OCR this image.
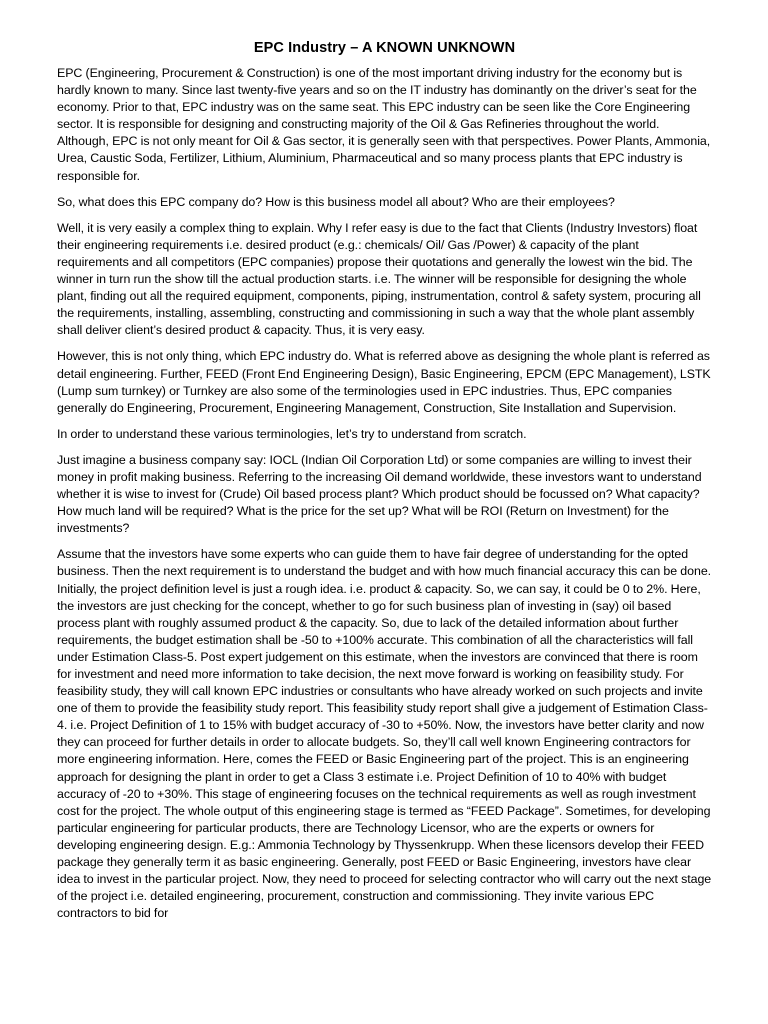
EPC Industry – A KNOWN UNKNOWN

EPC (Engineering, Procurement & Construction) is one of the most important driving industry for the economy but is hardly known to many. Since last twenty-five years and so on the IT industry has dominantly on the driver’s seat for the economy. Prior to that, EPC industry was on the same seat. This EPC industry can be seen like the Core Engineering sector. It is responsible for designing and constructing majority of the Oil & Gas Refineries throughout the world. Although, EPC is not only meant for Oil & Gas sector, it is generally seen with that perspectives. Power Plants, Ammonia, Urea, Caustic Soda, Fertilizer, Lithium, Aluminium, Pharmaceutical and so many process plants that EPC industry is responsible for.

So, what does this EPC company do? How is this business model all about? Who are their employees?

Well, it is very easily a complex thing to explain. Why I refer easy is due to the fact that Clients (Industry Investors) float their engineering requirements i.e. desired product (e.g.: chemicals/ Oil/ Gas /Power) & capacity of the plant requirements and all competitors (EPC companies) propose their quotations and generally the lowest win the bid. The winner in turn run the show till the actual production starts. i.e. The winner will be responsible for designing the whole plant, finding out all the required equipment, components, piping, instrumentation, control & safety system, procuring all the requirements, installing, assembling, constructing and commissioning in such a way that the whole plant assembly shall deliver client’s desired product & capacity. Thus, it is very easy.

However, this is not only thing, which EPC industry do. What is referred above as designing the whole plant is referred as detail engineering. Further, FEED (Front End Engineering Design), Basic Engineering, EPCM (EPC Management), LSTK (Lump sum turnkey) or Turnkey are also some of the terminologies used in EPC industries. Thus, EPC companies generally do Engineering, Procurement, Engineering Management, Construction, Site Installation and Supervision.

In order to understand these various terminologies, let’s try to understand from scratch.

Just imagine a business company say: IOCL (Indian Oil Corporation Ltd) or some companies are willing to invest their money in profit making business. Referring to the increasing Oil demand worldwide, these investors want to understand whether it is wise to invest for (Crude) Oil based process plant? Which product should be focussed on? What capacity? How much land will be required? What is the price for the set up? What will be ROI (Return on Investment) for the investments?

Assume that the investors have some experts who can guide them to have fair degree of understanding for the opted business. Then the next requirement is to understand the budget and with how much financial accuracy this can be done. Initially, the project definition level is just a rough idea. i.e. product & capacity. So, we can say, it could be 0 to 2%. Here, the investors are just checking for the concept, whether to go for such business plan of investing in (say) oil based process plant with roughly assumed product & the capacity. So, due to lack of the detailed information about further requirements, the budget estimation shall be -50 to +100% accurate. This combination of all the characteristics will fall under Estimation Class-5. Post expert judgement on this estimate, when the investors are convinced that there is room for investment and need more information to take decision, the next move forward is working on feasibility study. For feasibility study, they will call known EPC industries or consultants who have already worked on such projects and invite one of them to provide the feasibility study report. This feasibility study report shall give a judgement of Estimation Class-4. i.e. Project Definition of 1 to 15% with budget accuracy of -30 to +50%. Now, the investors have better clarity and now they can proceed for further details in order to allocate budgets. So, they’ll call well known Engineering contractors for more engineering information. Here, comes the FEED or Basic Engineering part of the project. This is an engineering approach for designing the plant in order to get a Class 3 estimate i.e. Project Definition of 10 to 40% with budget accuracy of -20 to +30%. This stage of engineering focuses on the technical requirements as well as rough investment cost for the project. The whole output of this engineering stage is termed as “FEED Package”. Sometimes, for developing particular engineering for particular products, there are Technology Licensor, who are the experts or owners for developing engineering design. E.g.: Ammonia Technology by Thyssenkrupp. When these licensors develop their FEED package they generally term it as basic engineering. Generally, post FEED or Basic Engineering, investors have clear idea to invest in the particular project. Now, they need to proceed for selecting contractor who will carry out the next stage of the project i.e. detailed engineering, procurement, construction and commissioning. They invite various EPC contractors to bid for
